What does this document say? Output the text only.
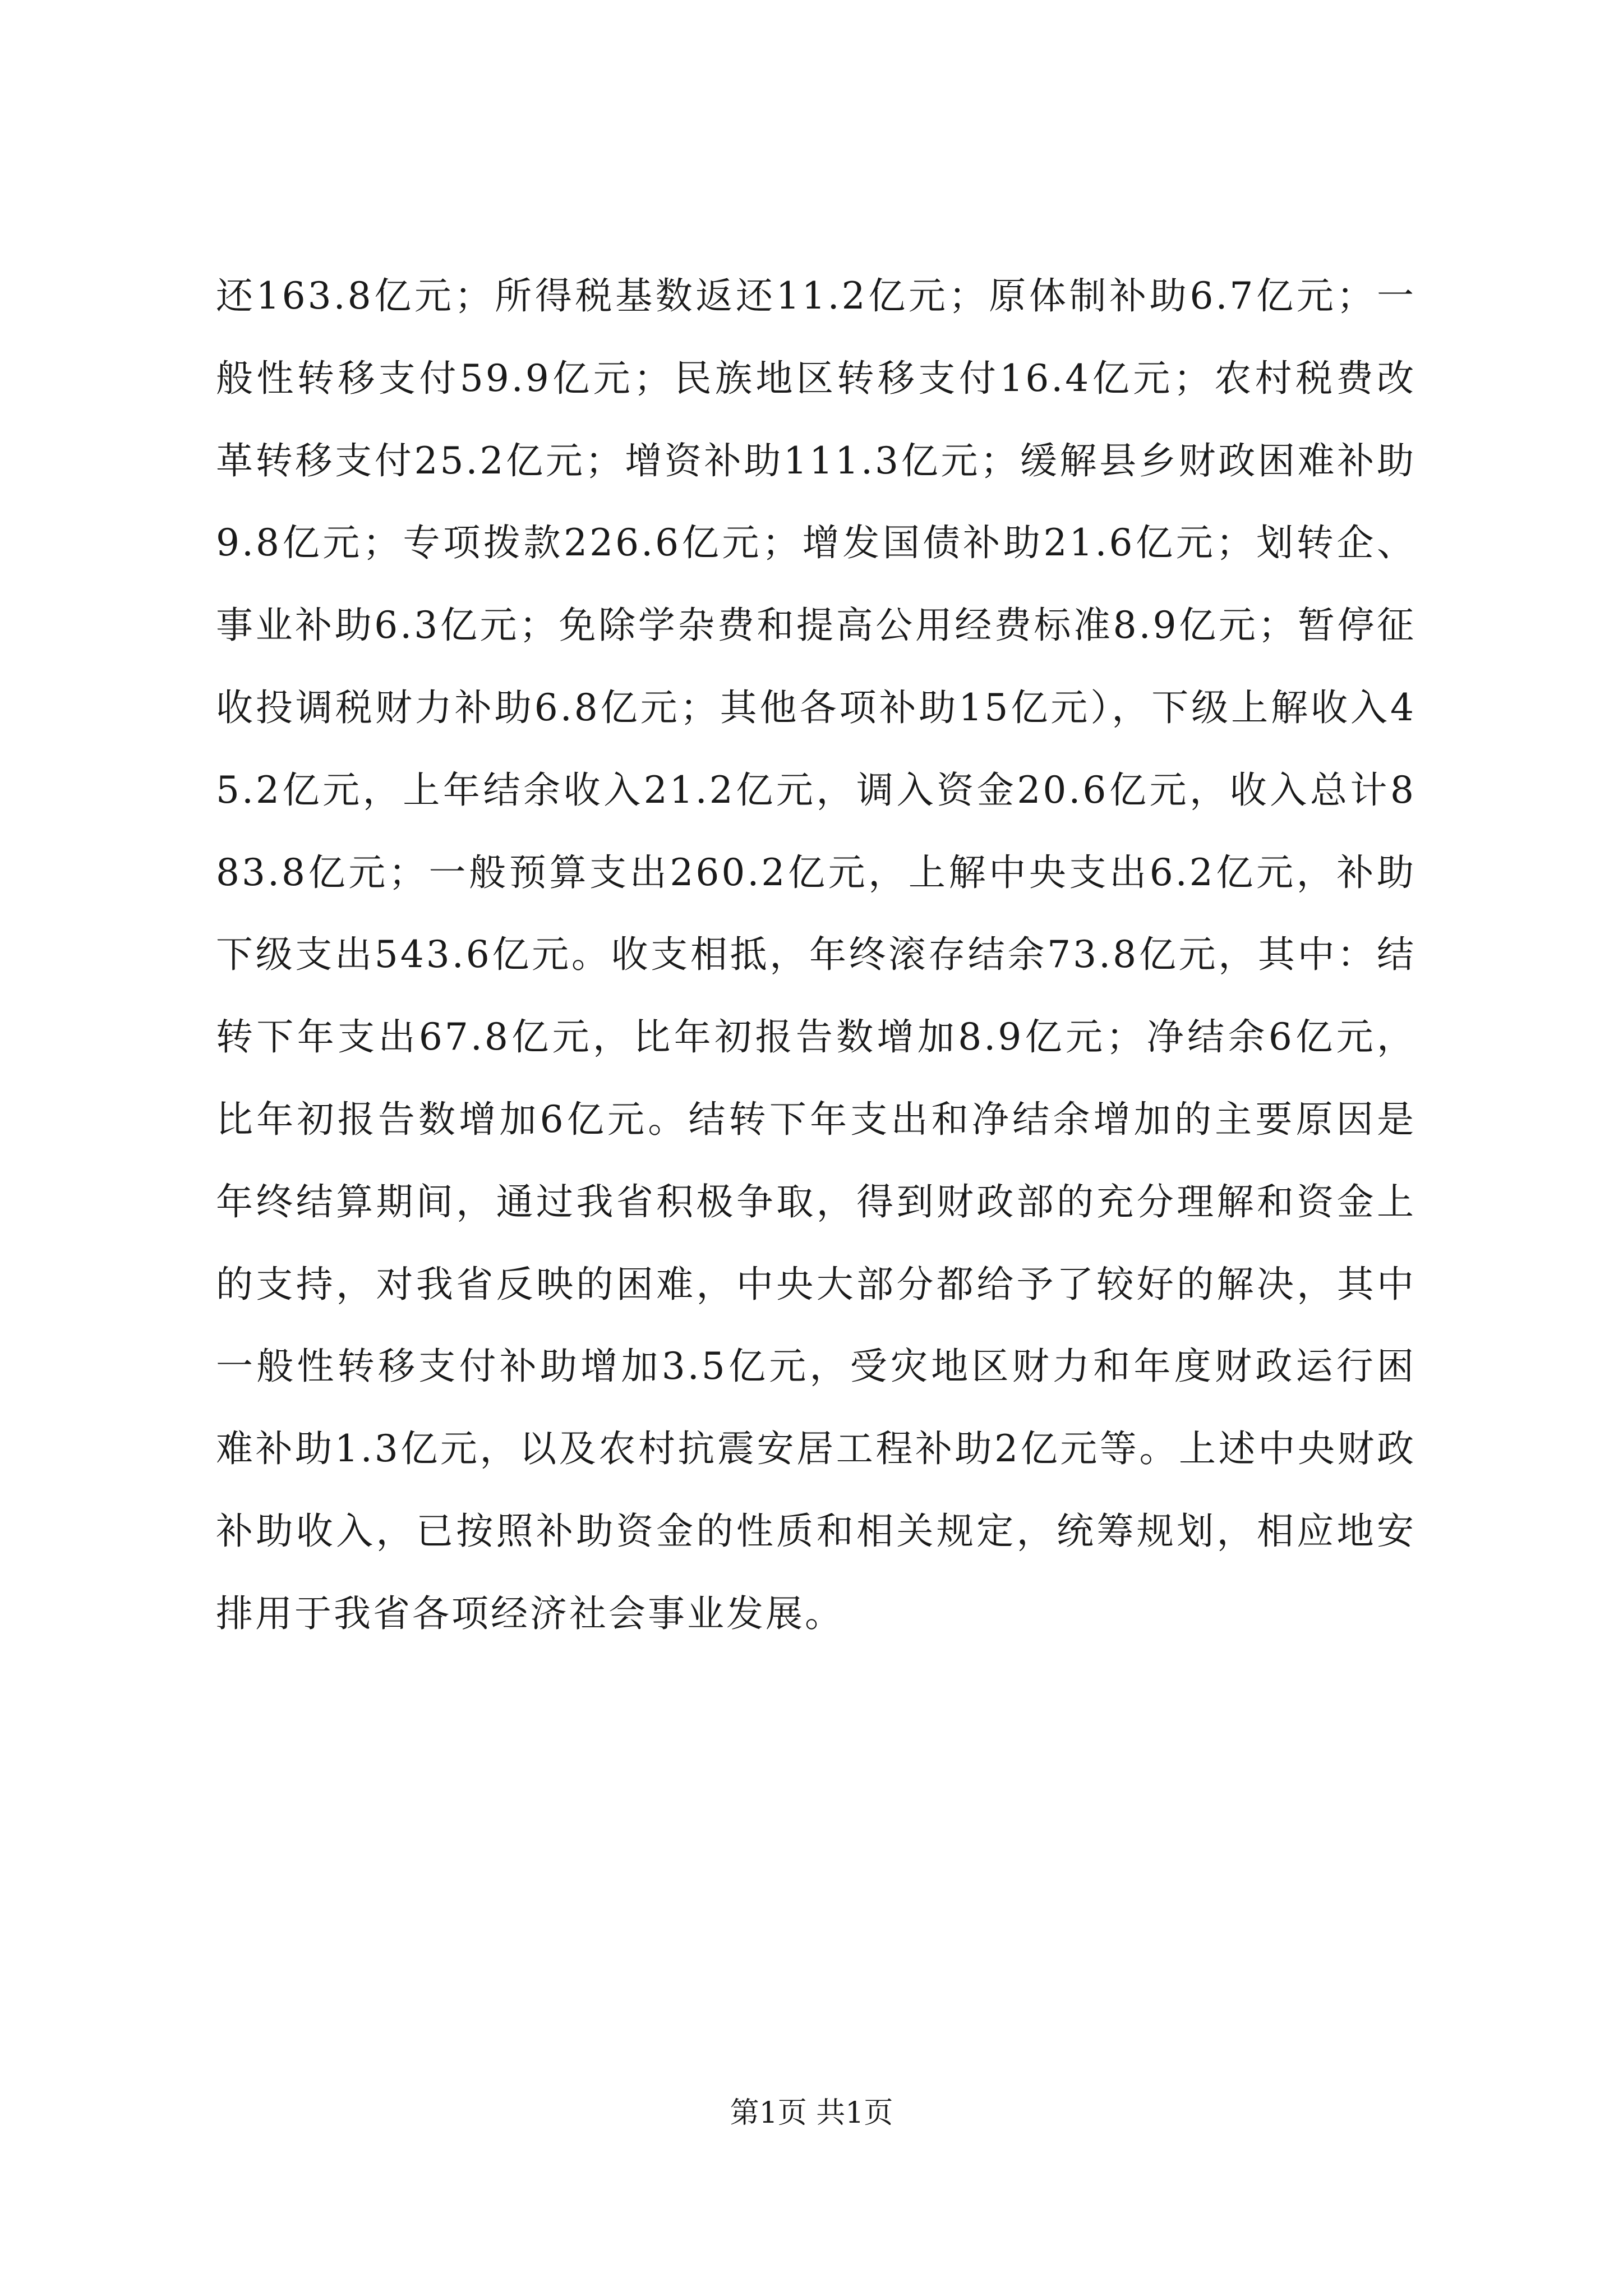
还163.8亿元；所得税基数返还11.2亿元；原体制补助6.7亿元；一般性转移支付59.9亿元；民族地区转移支付16.4亿元；农村税费改革转移支付25.2亿元；增资补助111.3亿元；缓解县乡财政困难补助9.8亿元；专项拨款226.6亿元；增发国债补助21.6亿元；划转企、事业补助6.3亿元；免除学杂费和提高公用经费标准8.9亿元；暂停征收投调税财力补助6.8亿元；其他各项补助15亿元），下级上解收入45.2亿元，上年结余收入21.2亿元，调入资金20.6亿元，收入总计883.8亿元；一般预算支出260.2亿元，上解中央支出6.2亿元，补助下级支出543.6亿元。收支相抵，年终滚存结余73.8亿元，其中：结转下年支出67.8亿元，比年初报告数增加8.9亿元；净结余6亿元，比年初报告数增加6亿元。结转下年支出和净结余增加的主要原因是年终结算期间，通过我省积极争取，得到财政部的充分理解和资金上的支持，对我省反映的困难，中央大部分都给予了较好的解决，其中一般性转移支付补助增加3.5亿元，受灾地区财力和年度财政运行困难补助1.3亿元，以及农村抗震安居工程补助2亿元等。上述中央财政补助收入，已按照补助资金的性质和相关规定，统筹规划，相应地安排用于我省各项经济社会事业发展。

第1页 共1页
